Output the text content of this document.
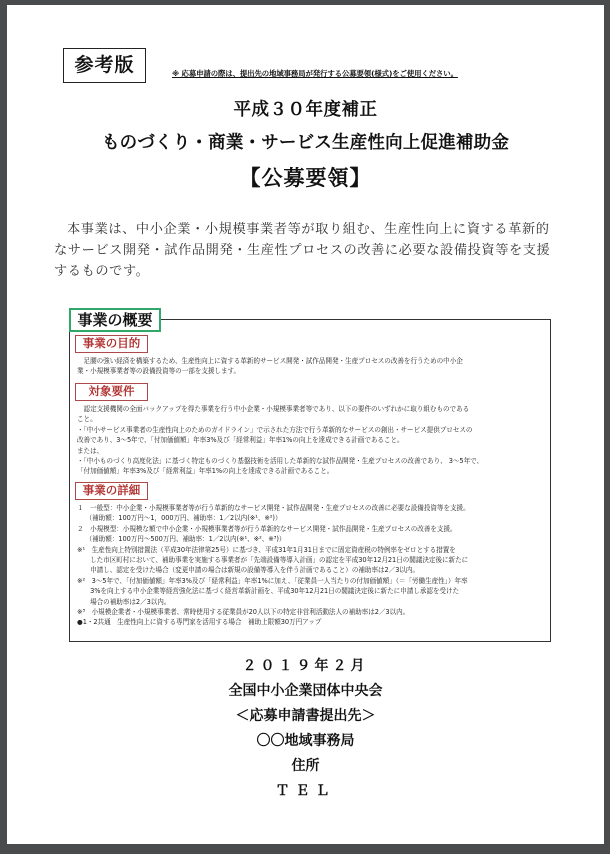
参考版	※ 応募申請の際は、提出先の地域事務局が発行する公募要領(様式)をご使用ください。
平成３０年度補正
ものづくり・商業・サービス生産性向上促進補助金
【公募要領】
本事業は、中小企業・小規模事業者等が取り組む、生産性向上に資する革新的なサービス開発・試作品開発・生産性プロセスの改善に必要な設備投資等を支援するものです。
事業の概要
事業の目的
　足腰の強い経済を構築するため、生産性向上に資する革新的サービス開発・試作品開発・生産プロセスの改善を行うための中小企
業・小規模事業者等の設備投資等の一部を支援します。
対象要件
　認定支援機関の全面バックアップを得た事業を行う中小企業・小規模事業者等であり、以下の要件のいずれかに取り組むものである
こと。
・「中小サービス事業者の生産性向上のためのガイドライン」で示された方法で行う革新的なサービスの創出・サービス提供プロセスの
改善であり、3～5年で、「付加価値額」年率3%及び「経常利益」年率1%の向上を達成できる計画であること。
または、
・「中小ものづくり高度化法」に基づく特定ものづくり基盤技術を活用した革新的な試作品開発・生産プロセスの改善であり、 3～5年で、
「付加価値額」年率3%及び「経常利益」年率1%の向上を達成できる計画であること。
事業の詳細
１　一般型：中小企業・小規模事業者等が行う革新的なサービス開発・試作品開発・生産プロセスの改善に必要な設備投資等を支援。
　 （補助額：100万円～1，000万円、補助率：1／2以内(※¹、※²)）
２　小規模型：小規模な額で中小企業・小規模事業者等が行う革新的なサービス開発・試作品開発・生産プロセスの改善を支援。
　 （補助額：100万円～500万円、補助率：1／2以内(※¹、※²、※³)）
※¹　生産性向上特別措置法（平成30年法律第25号）に基づき、平成31年1月31日までに固定資産税の特例率をゼロとする措置を
　　した市区町村において、補助事業を実施する事業者が「先端設備等導入計画」の認定を平成30年12月21日の閣議決定後に新たに
　　申請し、認定を受けた場合（変更申請の場合は新規の設備等導入を伴う計画であること）の補助率は2／3以内。
※²　3～5年で、「付加価値額」年率3%及び「経常利益」年率1%に加え、「従業員一人当たりの付加価値額」（＝「労働生産性」）年率
　　3%を向上する中小企業等経営強化法に基づく経営革新計画を、平成30年12月21日の閣議決定後に新たに申請し承認を受けた
　　場合の補助率は2／3以内。
※³　小規模企業者・小規模事業者、常時使用する従業員が20人以下の特定非営利活動法人の補助率は2／3以内。
●1・2共通　生産性向上に資する専門家を活用する場合　補助上限額30万円アップ
２０１９年２月
全国中小企業団体中央会
＜応募申請書提出先＞
〇〇地域事務局
住所
ＴＥＬ
